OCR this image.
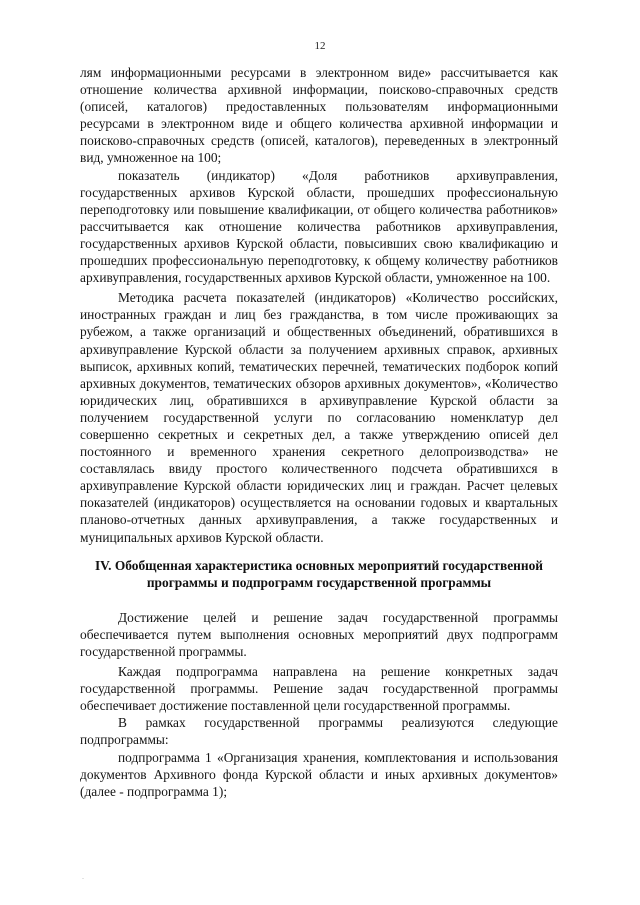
12

лям информационными ресурсами в электронном виде» рассчитывается как отношение количества архивной информации, поисково-справочных средств (описей, каталогов) предоставленных пользователям информационными ресурсами в электронном виде и общего количества архивной информации и поисково-справочных средств (описей, каталогов), переведенных в электронный вид, умноженное на 100;

показатель (индикатор) «Доля работников архивуправления, государственных архивов Курской области, прошедших профессиональную переподготовку или повышение квалификации, от общего количества работников» рассчитывается как отношение количества работников архивуправления, государственных архивов Курской области, повысивших свою квалификацию и прошедших профессиональную переподготовку, к общему количеству работников архивуправления, государственных архивов Курской области, умноженное на 100.

Методика расчета показателей (индикаторов) «Количество российских, иностранных граждан и лиц без гражданства, в том числе проживающих за рубежом, а также организаций и общественных объединений, обратившихся в архивуправление Курской области за получением архивных справок, архивных выписок, архивных копий, тематических перечней, тематических подборок копий архивных документов, тематических обзоров архивных документов», «Количество юридических лиц, обратившихся в архивуправление Курской области за получением государственной услуги по согласованию номенклатур дел совершенно секретных и секретных дел, а также утверждению описей дел постоянного и временного хранения секретного делопроизводства» не составлялась ввиду простого количественного подсчета обратившихся в архивуправление Курской области юридических лиц и граждан. Расчет целевых показателей (индикаторов) осуществляется на основании годовых и квартальных планово-отчетных данных архивуправления, а также государственных и муниципальных архивов Курской области.

IV. Обобщенная характеристика основных мероприятий государственной программы и подпрограмм государственной программы

Достижение целей и решение задач государственной программы обеспечивается путем выполнения основных мероприятий двух подпрограмм государственной программы.

Каждая подпрограмма направлена на решение конкретных задач государственной программы. Решение задач государственной программы обеспечивает достижение поставленной цели государственной программы.

В рамках государственной программы реализуются следующие подпрограммы:

подпрограмма 1 «Организация хранения, комплектования и использования документов Архивного фонда Курской области и иных архивных документов» (далее - подпрограмма 1);

.
